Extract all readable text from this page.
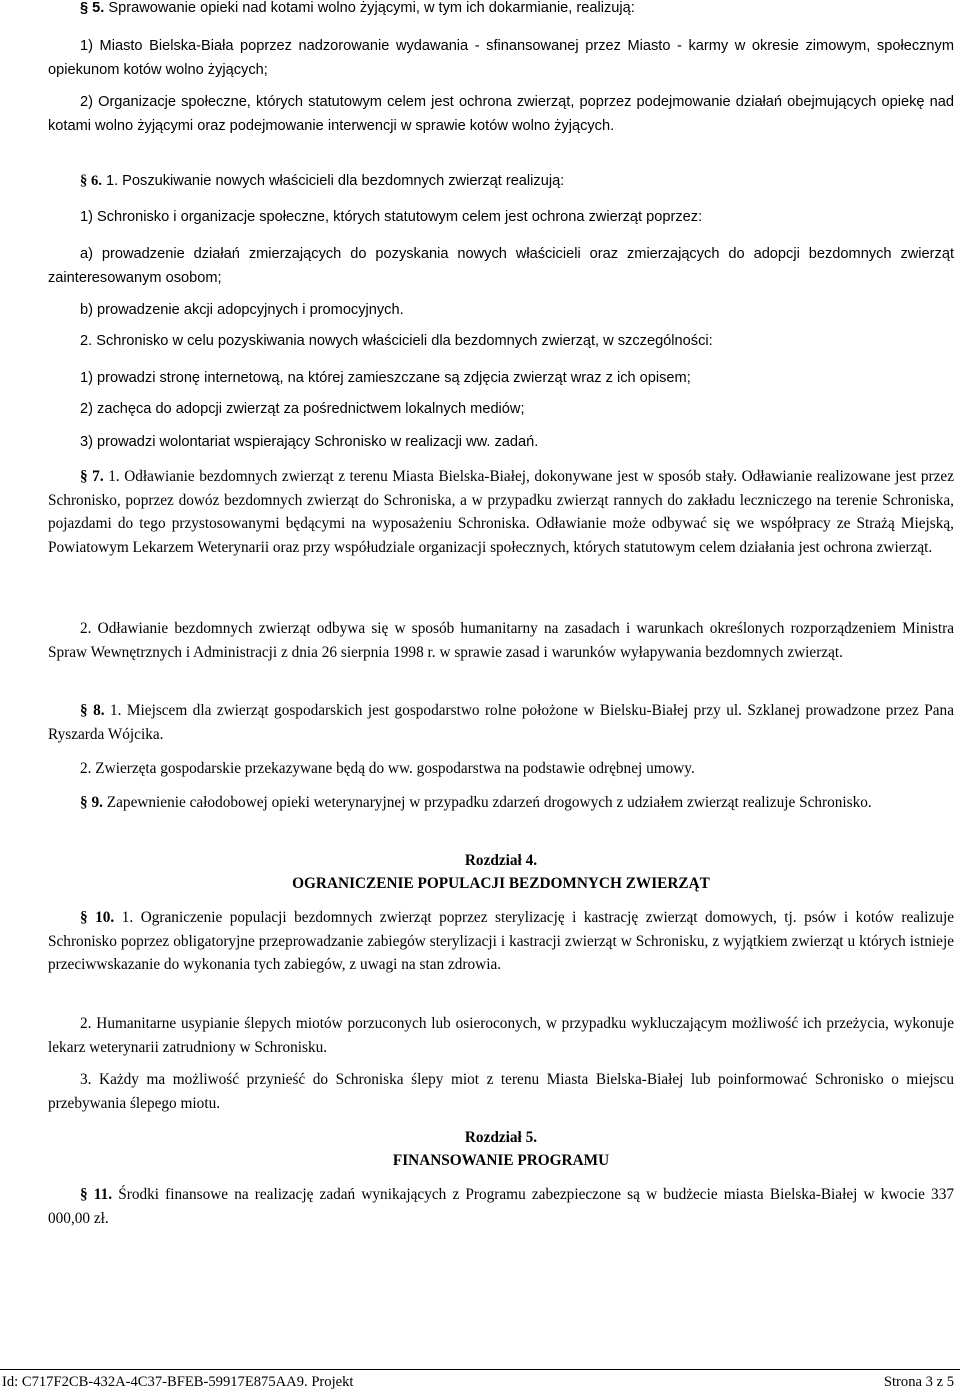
§ 5. Sprawowanie opieki nad kotami wolno żyjącymi, w tym ich dokarmianie, realizują:

1) Miasto Bielska-Biała poprzez nadzorowanie wydawania - sfinansowanej przez Miasto - karmy w okresie zimowym, społecznym opiekunom kotów wolno żyjących;

2) Organizacje społeczne, których statutowym celem jest ochrona zwierząt, poprzez podejmowanie działań obejmujących opiekę nad kotami wolno żyjącymi oraz podejmowanie interwencji w sprawie kotów wolno żyjących.

§ 6. 1. Poszukiwanie nowych właścicieli dla bezdomnych zwierząt realizują:

1) Schronisko i organizacje społeczne, których statutowym celem jest ochrona zwierząt poprzez:

a) prowadzenie działań zmierzających do pozyskania nowych właścicieli oraz zmierzających do adopcji bezdomnych zwierząt zainteresowanym osobom;

b) prowadzenie akcji adopcyjnych i promocyjnych.

2. Schronisko w celu pozyskiwania nowych właścicieli dla bezdomnych zwierząt, w szczególności:

1) prowadzi stronę internetową, na której zamieszczane są zdjęcia zwierząt wraz z ich opisem;

2) zachęca do adopcji zwierząt za pośrednictwem lokalnych mediów;

3) prowadzi wolontariat wspierający Schronisko w realizacji ww. zadań.

§ 7. 1. Odławianie bezdomnych zwierząt z terenu Miasta Bielska-Białej, dokonywane jest w sposób stały. Odławianie realizowane jest przez Schronisko, poprzez dowóz bezdomnych zwierząt do Schroniska, a w przypadku zwierząt rannych do zakładu leczniczego na terenie Schroniska, pojazdami do tego przystosowanymi będącymi na wyposażeniu Schroniska. Odławianie może odbywać się we współpracy ze Strażą Miejską, Powiatowym Lekarzem Weterynarii oraz przy współudziale organizacji społecznych, których statutowym celem działania jest ochrona zwierząt.

2. Odławianie bezdomnych zwierząt odbywa się w sposób humanitarny na zasadach i warunkach określonych rozporządzeniem Ministra Spraw Wewnętrznych i Administracji z dnia 26 sierpnia 1998 r. w sprawie zasad i warunków wyłapywania bezdomnych zwierząt.

§ 8. 1. Miejscem dla zwierząt gospodarskich jest gospodarstwo rolne położone w Bielsku-Białej przy ul. Szklanej prowadzone przez Pana Ryszarda Wójcika.

2. Zwierzęta gospodarskie przekazywane będą do ww. gospodarstwa na podstawie odrębnej umowy.

§ 9. Zapewnienie całodobowej opieki weterynaryjnej w przypadku zdarzeń drogowych z udziałem zwierząt realizuje Schronisko.

Rozdział 4.

OGRANICZENIE POPULACJI BEZDOMNYCH ZWIERZĄT

§ 10. 1. Ograniczenie populacji bezdomnych zwierząt poprzez sterylizację i kastrację zwierząt domowych, tj. psów i kotów realizuje Schronisko poprzez obligatoryjne przeprowadzanie zabiegów sterylizacji i kastracji zwierząt w Schronisku, z wyjątkiem zwierząt u których istnieje przeciwwskazanie do wykonania tych zabiegów, z uwagi na stan zdrowia.

2. Humanitarne usypianie ślepych miotów porzuconych lub osieroconych, w przypadku wykluczającym możliwość ich przeżycia, wykonuje lekarz weterynarii zatrudniony w Schronisku.

3. Każdy ma możliwość przynieść do Schroniska ślepy miot z terenu Miasta Bielska-Białej lub poinformować Schronisko o miejscu przebywania ślepego miotu.

Rozdział 5.

FINANSOWANIE PROGRAMU

§ 11. Środki finansowe na realizację zadań wynikających z Programu zabezpieczone są w budżecie miasta Bielska-Białej w kwocie 337 000,00 zł.

Id: C717F2CB-432A-4C37-BFEB-59917E875AA9. Projekt	Strona 3 z 5
